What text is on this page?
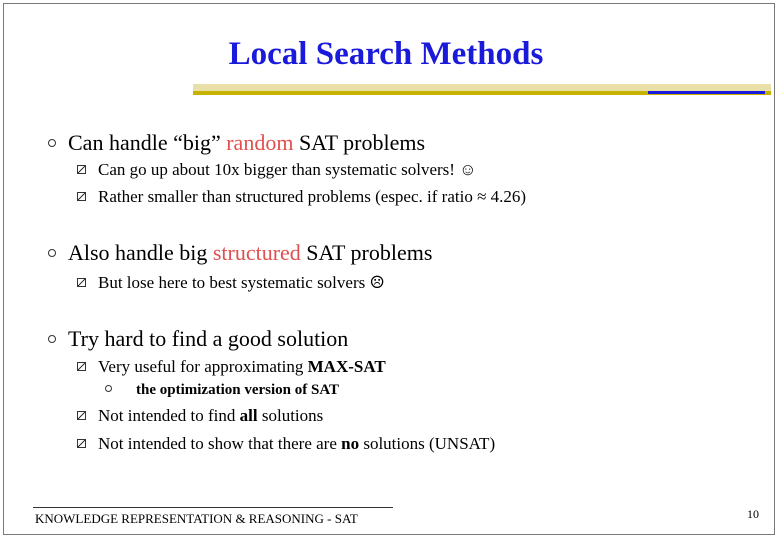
Local Search Methods
Can handle “big” random SAT problems
Can go up about 10x bigger than systematic solvers! ☺
Rather smaller than structured problems (espec. if ratio ≈ 4.26)
Also handle big structured SAT problems
But lose here to best systematic solvers ☹
Try hard to find a good solution
Very useful for approximating MAX-SAT
the optimization version of SAT
Not intended to find all solutions
Not intended to show that there are no solutions (UNSAT)
KNOWLEDGE REPRESENTATION & REASONING - SAT	10
